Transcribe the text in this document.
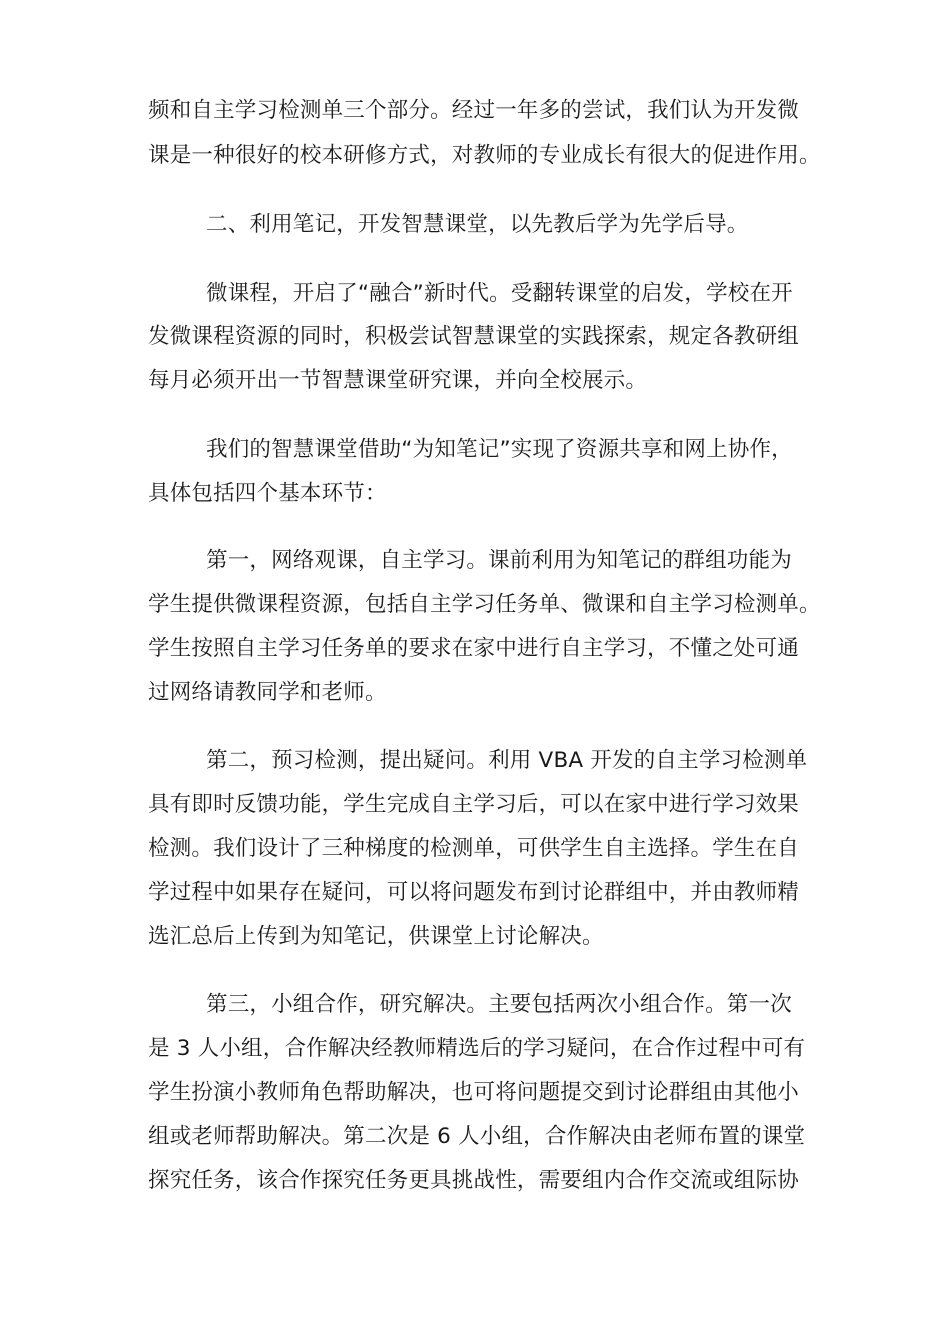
频和自主学习检测单三个部分。经过一年多的尝试，我们认为开发微
课是一种很好的校本研修方式，对教师的专业成长有很大的促进作用。
二、利用笔记，开发智慧课堂，以先教后学为先学后导。
微课程，开启了“融合”新时代。受翻转课堂的启发，学校在开
发微课程资源的同时，积极尝试智慧课堂的实践探索，规定各教研组
每月必须开出一节智慧课堂研究课，并向全校展示。
我们的智慧课堂借助“为知笔记”实现了资源共享和网上协作，
具体包括四个基本环节：
第一，网络观课，自主学习。课前利用为知笔记的群组功能为
学生提供微课程资源，包括自主学习任务单、微课和自主学习检测单。
学生按照自主学习任务单的要求在家中进行自主学习，不懂之处可通
过网络请教同学和老师。
第二，预习检测，提出疑问。利用 VBA 开发的自主学习检测单
具有即时反馈功能，学生完成自主学习后，可以在家中进行学习效果
检测。我们设计了三种梯度的检测单，可供学生自主选择。学生在自
学过程中如果存在疑问，可以将问题发布到讨论群组中，并由教师精
选汇总后上传到为知笔记，供课堂上讨论解决。
第三，小组合作，研究解决。主要包括两次小组合作。第一次
是 3 人小组，合作解决经教师精选后的学习疑问，在合作过程中可有
学生扮演小教师角色帮助解决，也可将问题提交到讨论群组由其他小
组或老师帮助解决。第二次是 6 人小组，合作解决由老师布置的课堂
探究任务，该合作探究任务更具挑战性，需要组内合作交流或组际协
